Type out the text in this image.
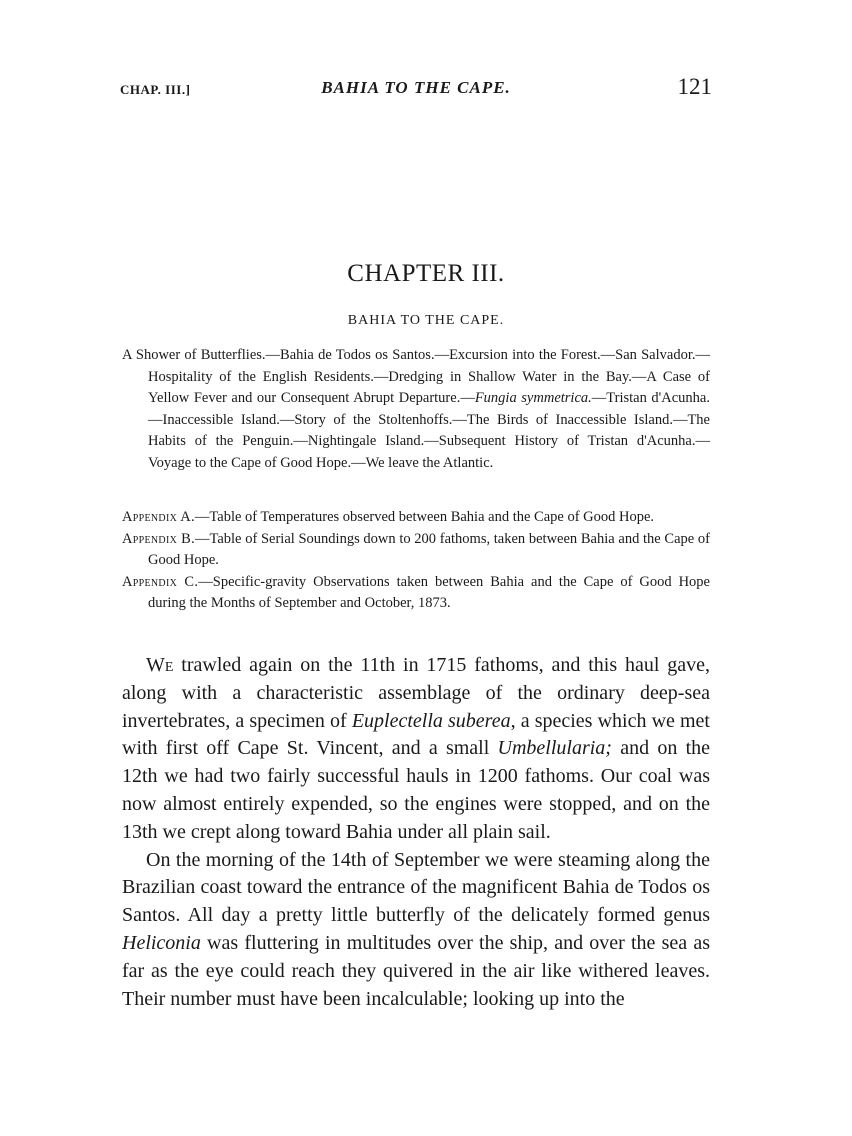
CHAP. III.]	BAHIA TO THE CAPE.	121
CHAPTER III.
BAHIA TO THE CAPE.
A Shower of Butterflies.—Bahia de Todos os Santos.—Excursion into the Forest.—San Salvador.—Hospitality of the English Residents.—Dredging in Shallow Water in the Bay.—A Case of Yellow Fever and our Consequent Abrupt Departure.—Fungia symmetrica.—Tristan d'Acunha.—Inaccessible Island.—Story of the Stoltenhoffs.—The Birds of Inaccessible Island.—The Habits of the Penguin.—Nightingale Island.—Subsequent History of Tristan d'Acunha.—Voyage to the Cape of Good Hope.—We leave the Atlantic.
Appendix A.—Table of Temperatures observed between Bahia and the Cape of Good Hope.
Appendix B.—Table of Serial Soundings down to 200 fathoms, taken between Bahia and the Cape of Good Hope.
Appendix C.—Specific-gravity Observations taken between Bahia and the Cape of Good Hope during the Months of September and October, 1873.

We trawled again on the 11th in 1715 fathoms, and this haul gave, along with a characteristic assemblage of the ordinary deep-sea invertebrates, a specimen of Euplectella suberea, a species which we met with first off Cape St. Vincent, and a small Umbellularia; and on the 12th we had two fairly successful hauls in 1200 fathoms. Our coal was now almost entirely expended, so the engines were stopped, and on the 13th we crept along toward Bahia under all plain sail.

On the morning of the 14th of September we were steaming along the Brazilian coast toward the entrance of the magnificent Bahia de Todos os Santos. All day a pretty little butterfly of the delicately formed genus Heliconia was fluttering in multitudes over the ship, and over the sea as far as the eye could reach they quivered in the air like withered leaves. Their number must have been incalculable; looking up into the
